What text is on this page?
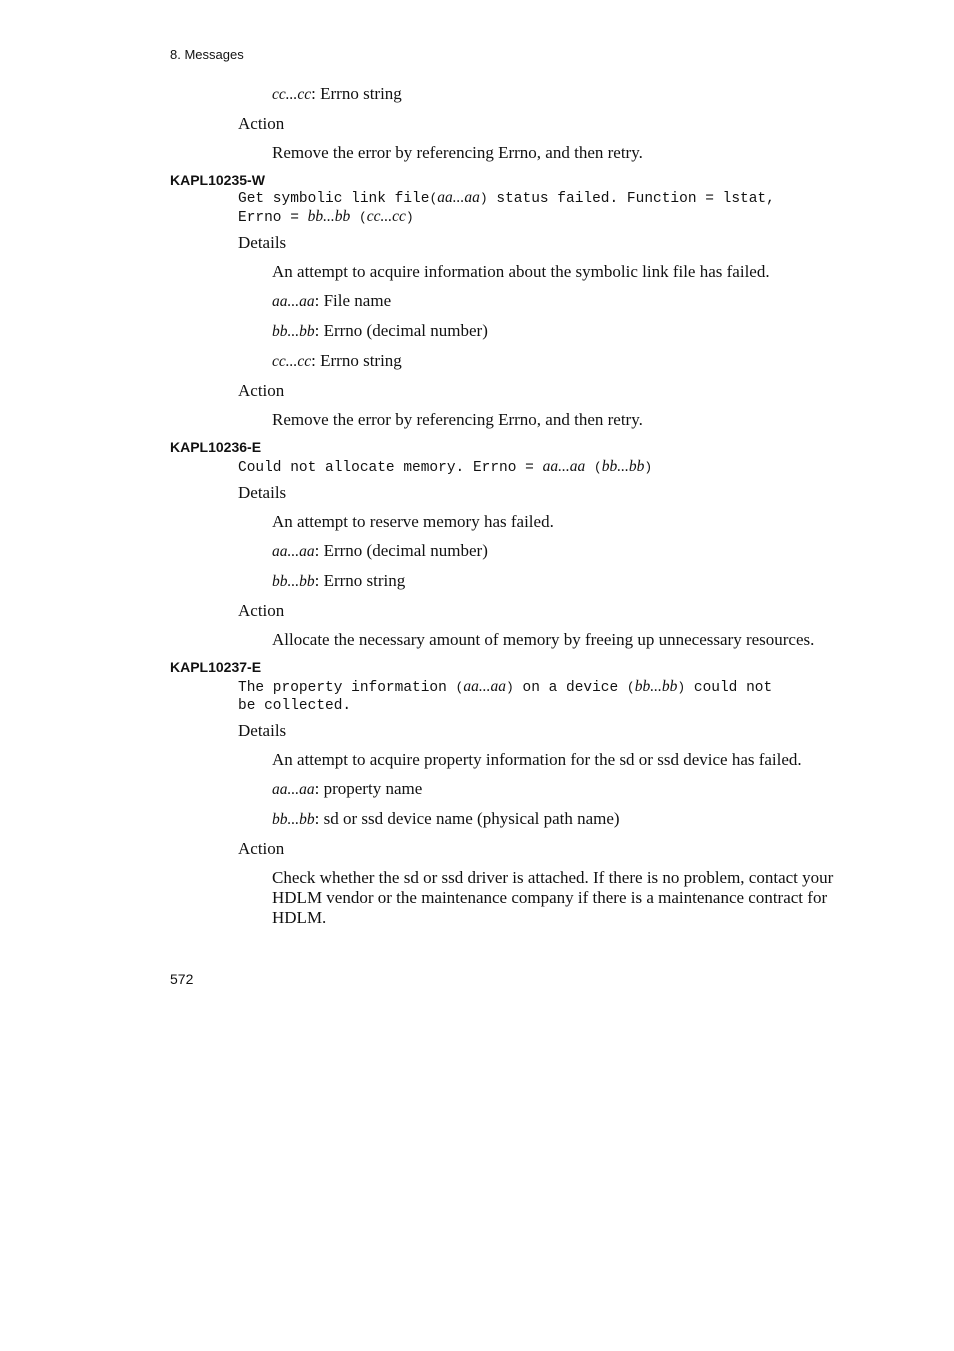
8. Messages
cc...cc: Errno string
Action
Remove the error by referencing Errno, and then retry.
KAPL10235-W
Get symbolic link file(aa...aa) status failed. Function = lstat,
Errno = bb...bb (cc...cc)
Details
An attempt to acquire information about the symbolic link file has failed.
aa...aa: File name
bb...bb: Errno (decimal number)
cc...cc: Errno string
Action
Remove the error by referencing Errno, and then retry.
KAPL10236-E
Could not allocate memory. Errno = aa...aa (bb...bb)
Details
An attempt to reserve memory has failed.
aa...aa: Errno (decimal number)
bb...bb: Errno string
Action
Allocate the necessary amount of memory by freeing up unnecessary resources.
KAPL10237-E
The property information (aa...aa) on a device (bb...bb) could not
be collected.
Details
An attempt to acquire property information for the sd or ssd device has failed.
aa...aa: property name
bb...bb: sd or ssd device name (physical path name)
Action
Check whether the sd or ssd driver is attached. If there is no problem, contact your
HDLM vendor or the maintenance company if there is a maintenance contract for
HDLM.
572
